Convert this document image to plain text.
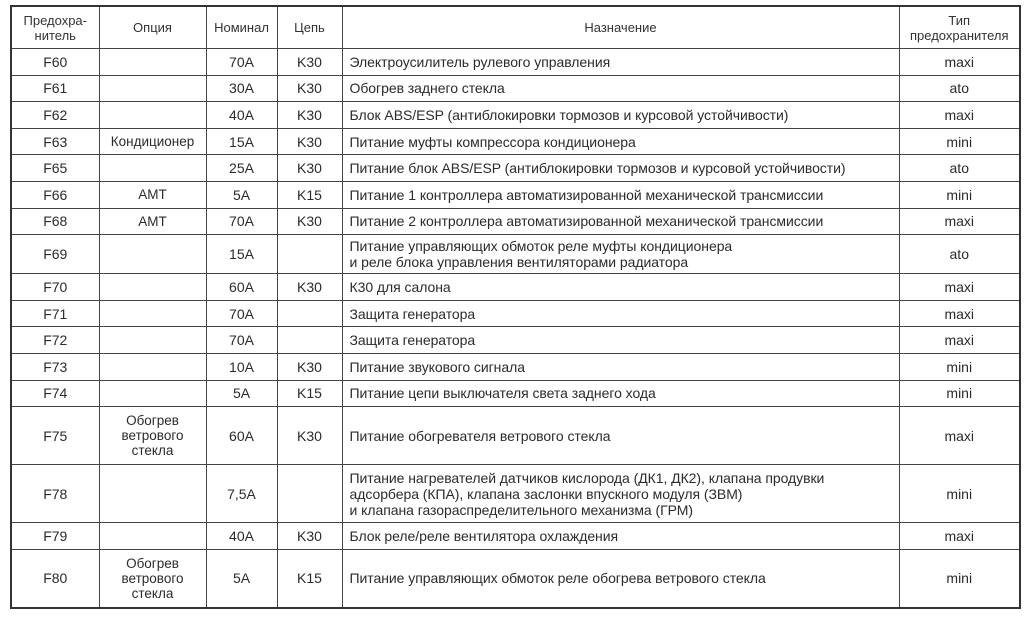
Предохра-
нитель	Опция	Номинал	Цепь	Назначение	Тип
предохранителя

F60		70A	K30	Электроусилитель рулевого управления	maxi
F61		30A	K30	Обогрев заднего стекла	ato
F62		40A	K30	Блок ABS/ESP (антиблокировки тормозов и курсовой устойчивости)	maxi
F63	Кондиционер	15A	K30	Питание муфты компрессора кондиционера	mini
F65		25A	K30	Питание блок ABS/ESP (антиблокировки тормозов и курсовой устойчивости)	ato
F66	АМТ	5A	K15	Питание 1 контроллера автоматизированной механической трансмиссии	mini
F68	АМТ	70A	K30	Питание 2 контроллера автоматизированной механической трансмиссии	maxi
F69		15A		Питание управляющих обмоток реле муфты кондиционера
и реле блока управления вентиляторами радиатора	ato
F70		60A	K30	К30 для салона	maxi
F71		70A		Защита генератора	maxi
F72		70A		Защита генератора	maxi
F73		10A	K30	Питание звукового сигнала	mini
F74		5A	K15	Питание цепи выключателя света заднего хода	mini
F75	Обогрев
ветрового
стекла	60A	K30	Питание обогревателя ветрового стекла	maxi
F78		7,5A		Питание нагревателей датчиков кислорода (ДК1, ДК2), клапана продувки
адсорбера (КПА), клапана заслонки впускного модуля (ЗВМ)
и клапана газораспределительного механизма (ГРМ)	mini
F79		40A	K30	Блок реле/реле вентилятора охлаждения	maxi
F80	Обогрев
ветрового
стекла	5A	K15	Питание управляющих обмоток реле обогрева ветрового стекла	mini
